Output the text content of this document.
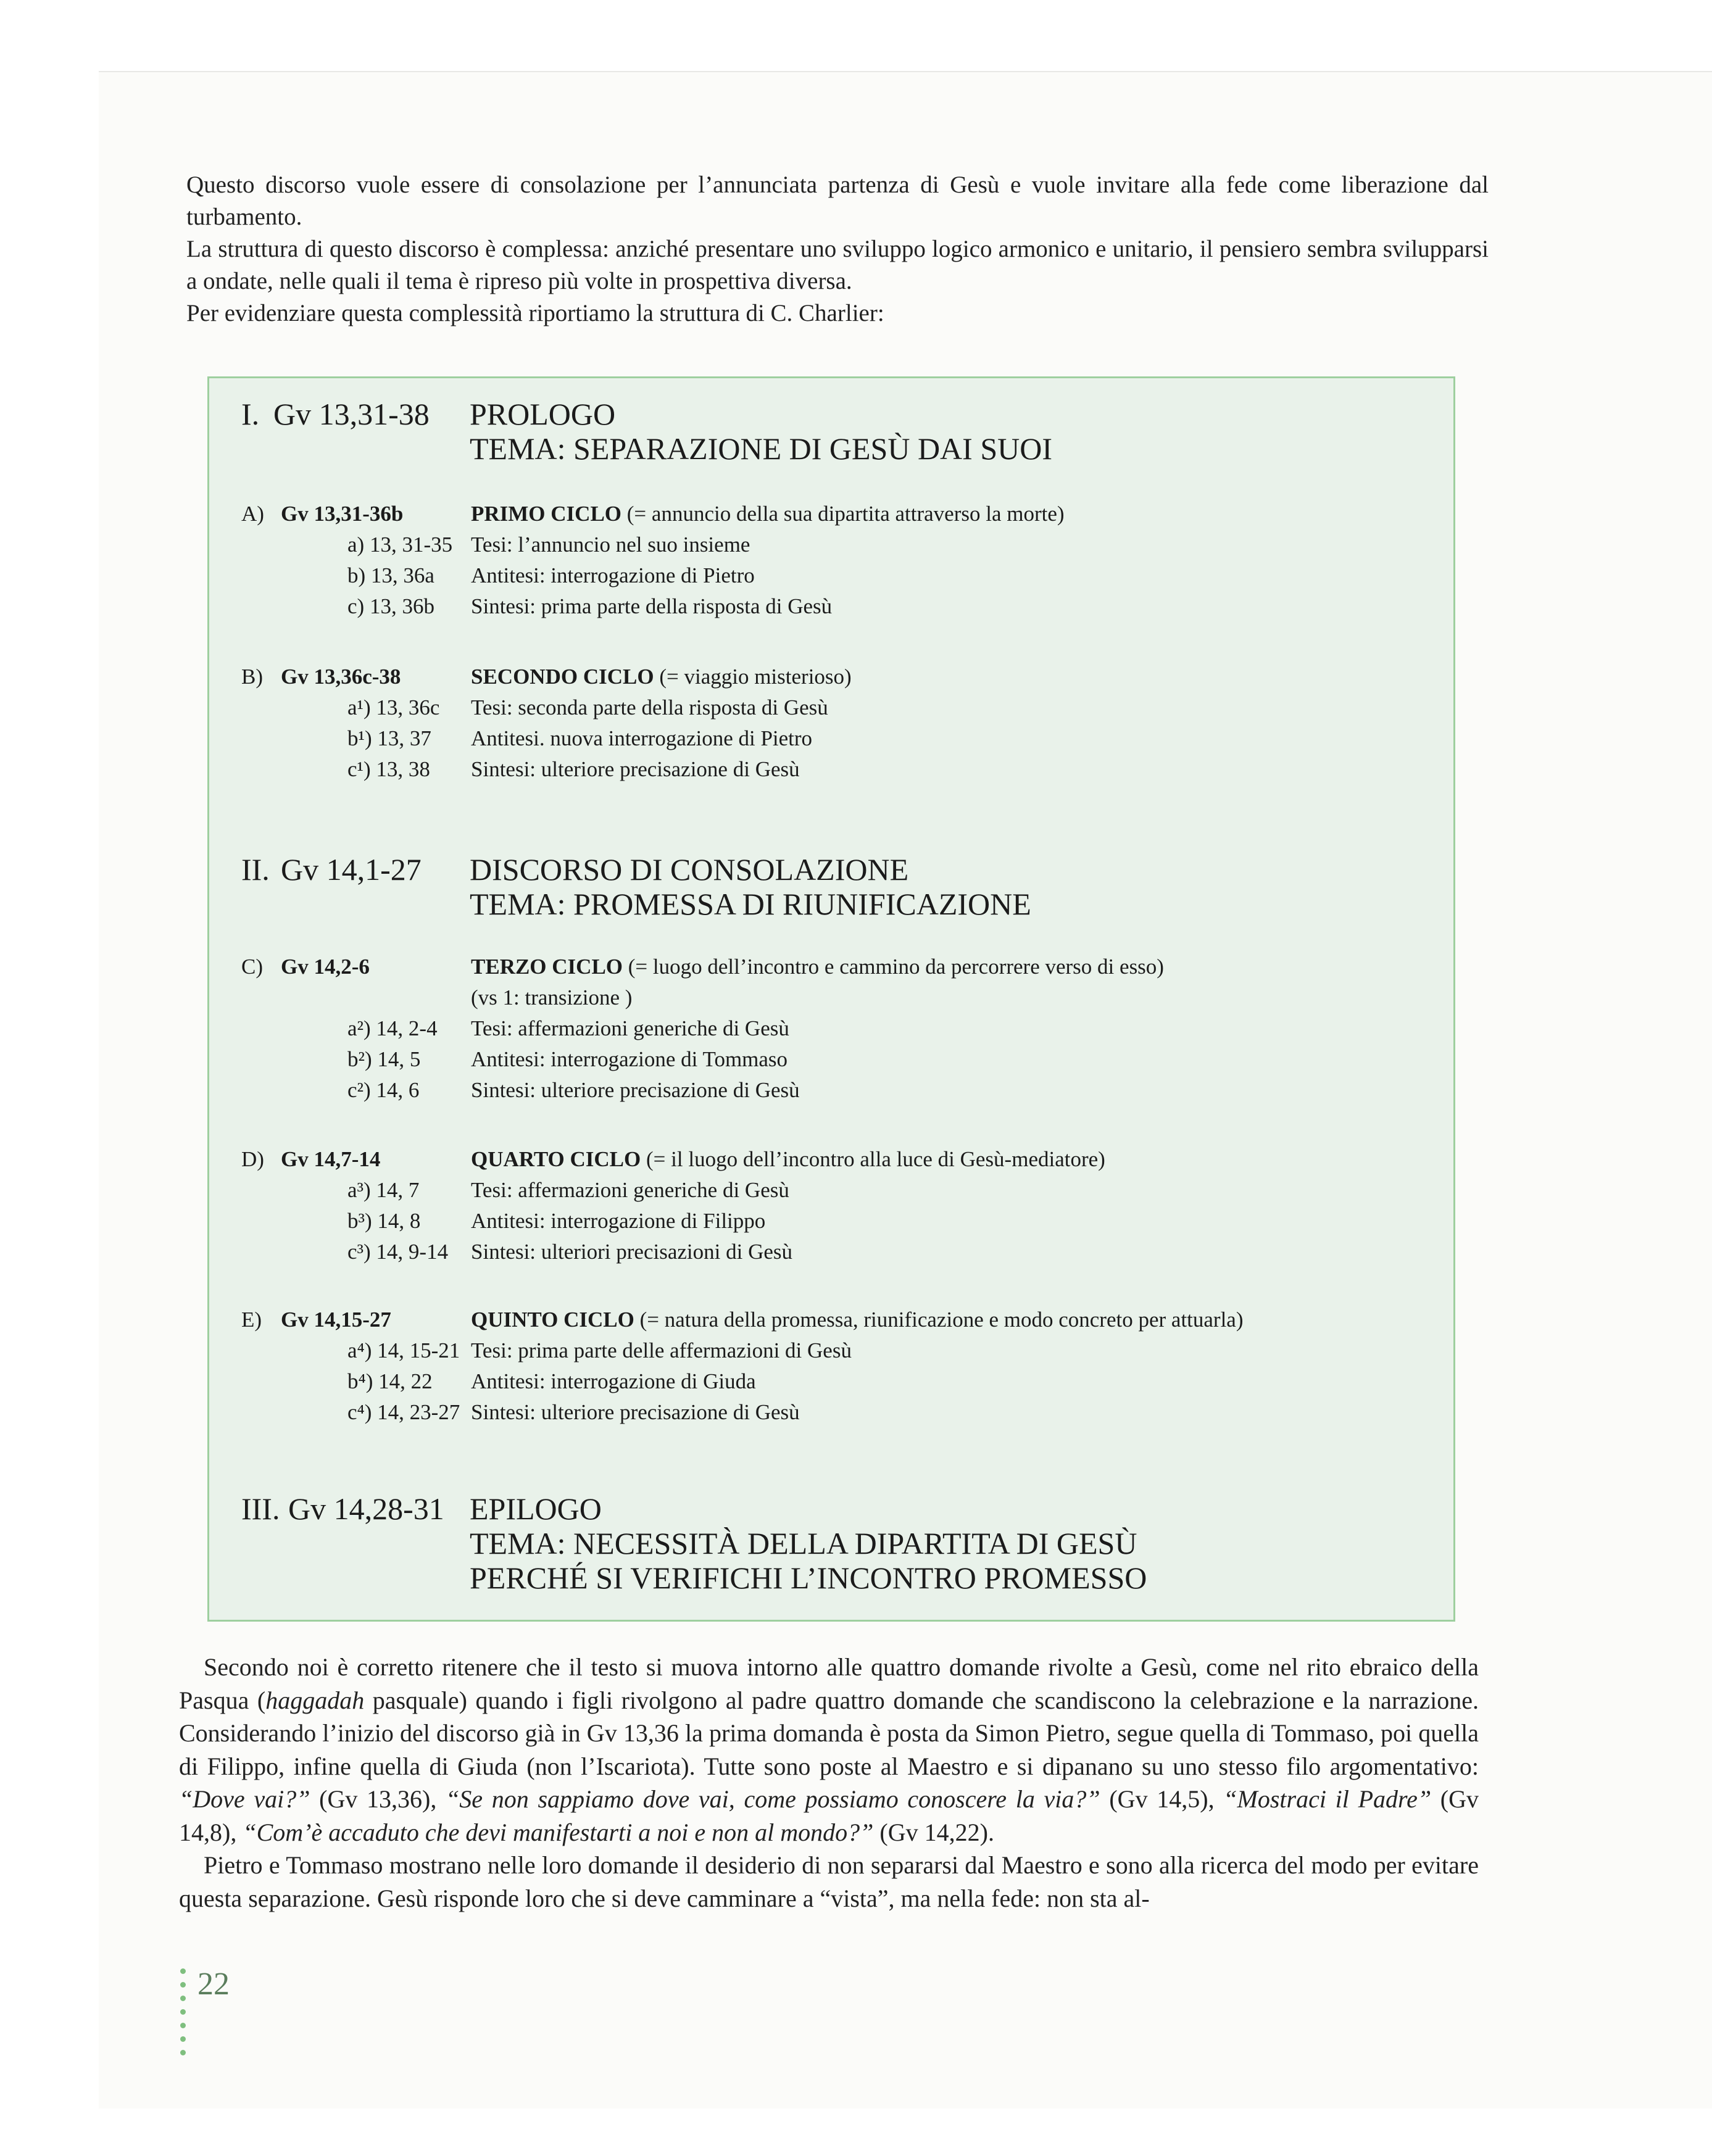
Questo discorso vuole essere di consolazione per l’annunciata partenza di Gesù e vuole invitare alla fede come liberazione dal turbamento.
La struttura di questo discorso è complessa: anziché presentare uno sviluppo logico armonico e unitario, il pensiero sembra svilupparsi a ondate, nelle quali il tema è ripreso più volte in prospettiva diversa.
Per evidenziare questa complessità riportiamo la struttura di C. Charlier:
I. Gv 13,31-38 PROLOGO
TEMA: SEPARAZIONE DI GESÙ DAI SUOI
A) Gv 13,31-36b	PRIMO CICLO (= annuncio della sua dipartita attraverso la morte)
a) 13, 31-35 Tesi: l’annuncio nel suo insieme
b) 13, 36a Antitesi: interrogazione di Pietro
c) 13, 36b Sintesi: prima parte della risposta di Gesù
B) Gv 13,36c-38	SECONDO CICLO (= viaggio misterioso)
a¹) 13, 36c Tesi: seconda parte della risposta di Gesù
b¹) 13, 37 Antitesi. nuova interrogazione di Pietro
c¹) 13, 38 Sintesi: ulteriore precisazione di Gesù
II. Gv 14,1-27 DISCORSO DI CONSOLAZIONE
TEMA: PROMESSA DI RIUNIFICAZIONE
C) Gv 14,2-6	TERZO CICLO (= luogo dell’incontro e cammino da percorrere verso di esso)
(vs 1: transizione )
a²) 14, 2-4 Tesi: affermazioni generiche di Gesù
b²) 14, 5 Antitesi: interrogazione di Tommaso
c²) 14, 6 Sintesi: ulteriore precisazione di Gesù
D) Gv 14,7-14	QUARTO CICLO (= il luogo dell’incontro alla luce di Gesù-mediatore)
a³) 14, 7 Tesi: affermazioni generiche di Gesù
b³) 14, 8 Antitesi: interrogazione di Filippo
c³) 14, 9-14 Sintesi: ulteriori precisazioni di Gesù
E) Gv 14,15-27	QUINTO CICLO (= natura della promessa, riunificazione e modo concreto per attuarla)
a⁴) 14, 15-21 Tesi: prima parte delle affermazioni di Gesù
b⁴) 14, 22 Antitesi: interrogazione di Giuda
c⁴) 14, 23-27 Sintesi: ulteriore precisazione di Gesù
III. Gv 14,28-31 EPILOGO
TEMA: NECESSITÀ DELLA DIPARTITA DI GESÙ
PERCHÉ SI VERIFICHI L’INCONTRO PROMESSO

Secondo noi è corretto ritenere che il testo si muova intorno alle quattro domande rivolte a Gesù, come nel rito ebraico della Pasqua (haggadah pasquale) quando i figli rivolgono al padre quattro domande che scandiscono la celebrazione e la narrazione. Considerando l’inizio del discorso già in Gv 13,36 la prima domanda è posta da Simon Pietro, segue quella di Tommaso, poi quella di Filippo, infine quella di Giuda (non l’Iscariota). Tutte sono poste al Maestro e si dipanano su uno stesso filo argomentativo: “Dove vai?” (Gv 13,36), “Se non sappiamo dove vai, come possiamo conoscere la via?” (Gv 14,5), “Mostraci il Padre” (Gv 14,8), “Com’è accaduto che devi manifestarti a noi e non al mondo?” (Gv 14,22).

Pietro e Tommaso mostrano nelle loro domande il desiderio di non separarsi dal Maestro e sono alla ricerca del modo per evitare questa separazione. Gesù risponde loro che si deve camminare a “vista”, ma nella fede: non sta al-

22
